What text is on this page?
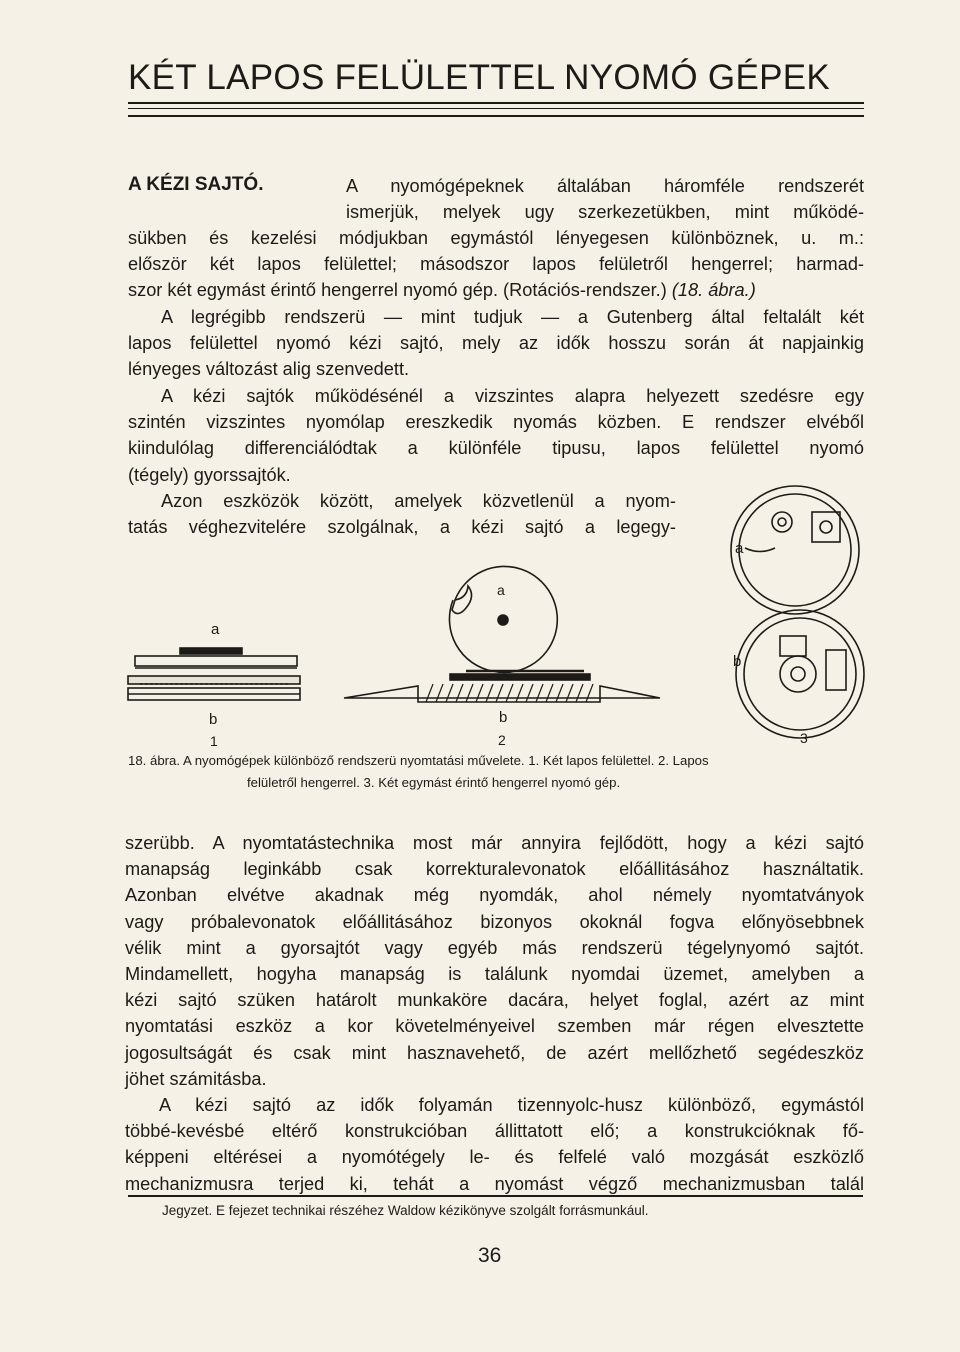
KÉT LAPOS FELÜLETTEL NYOMÓ GÉPEK
A KÉZI SAJTÓ.	A nyomógépeknek általában háromféle rendszerét
ismerjük, melyek ugy szerkezetükben, mint működé-
sükben és kezelési módjukban egymástól lényegesen különböznek, u. m.:
először két lapos felülettel; másodszor lapos felületről hengerrel; harmad-
szor két egymást érintő hengerrel nyomó gép. (Rotációs-rendszer.) (18. ábra.)
A legrégibb rendszerü — mint tudjuk — a Gutenberg által feltalált két
lapos felülettel nyomó kézi sajtó, mely az idők hosszu során át napjainkig
lényeges változást alig szenvedett.
A kézi sajtók működésénél a vizszintes alapra helyezett szedésre egy
szintén vizszintes nyomólap ereszkedik nyomás közben. E rendszer elvéből
kiindulólag differenciálódtak a különféle tipusu, lapos felülettel nyomó
(tégely) gyorssajtók.
Azon eszközök között, amelyek közvetlenül a nyom-
tatás véghezvitelére szolgálnak, a kézi sajtó a legegy-
a
b
1
a
b
2
a
b
3
18. ábra. A nyomógépek különböző rendszerü nyomtatási művelete. 1. Két lapos felülettel. 2. Lapos
felületről hengerrel. 3. Két egymást érintő hengerrel nyomó gép.
szerübb. A nyomtatástechnika most már annyira fejlődött, hogy a kézi sajtó
manapság leginkább csak korrekturalevonatok előállitásához használtatik.
Azonban elvétve akadnak még nyomdák, ahol némely nyomtatványok
vagy próbalevonatok előállitásához bizonyos okoknál fogva előnyösebbnek
vélik mint a gyorsajtót vagy egyéb más rendszerü tégelynyomó sajtót.
Mindamellett, hogyha manapság is találunk nyomdai üzemet, amelyben a
kézi sajtó szüken határolt munkaköre dacára, helyet foglal, azért az mint
nyomtatási eszköz a kor követelményeivel szemben már régen elvesztette
jogosultságát és csak mint hasznavehető, de azért mellőzhető segédeszköz
jöhet számitásba.
A kézi sajtó az idők folyamán tizennyolc-husz különböző, egymástól
többé-kevésbé eltérő konstrukcióban állittatott elő; a konstrukcióknak fő-
képpeni eltérései a nyomótégely le- és felfelé való mozgását eszközlő
mechanizmusra terjed ki, tehát a nyomást végző mechanizmusban talál
Jegyzet. E fejezet technikai részéhez Waldow kézikönyve szolgált forrásmunkául.
36
